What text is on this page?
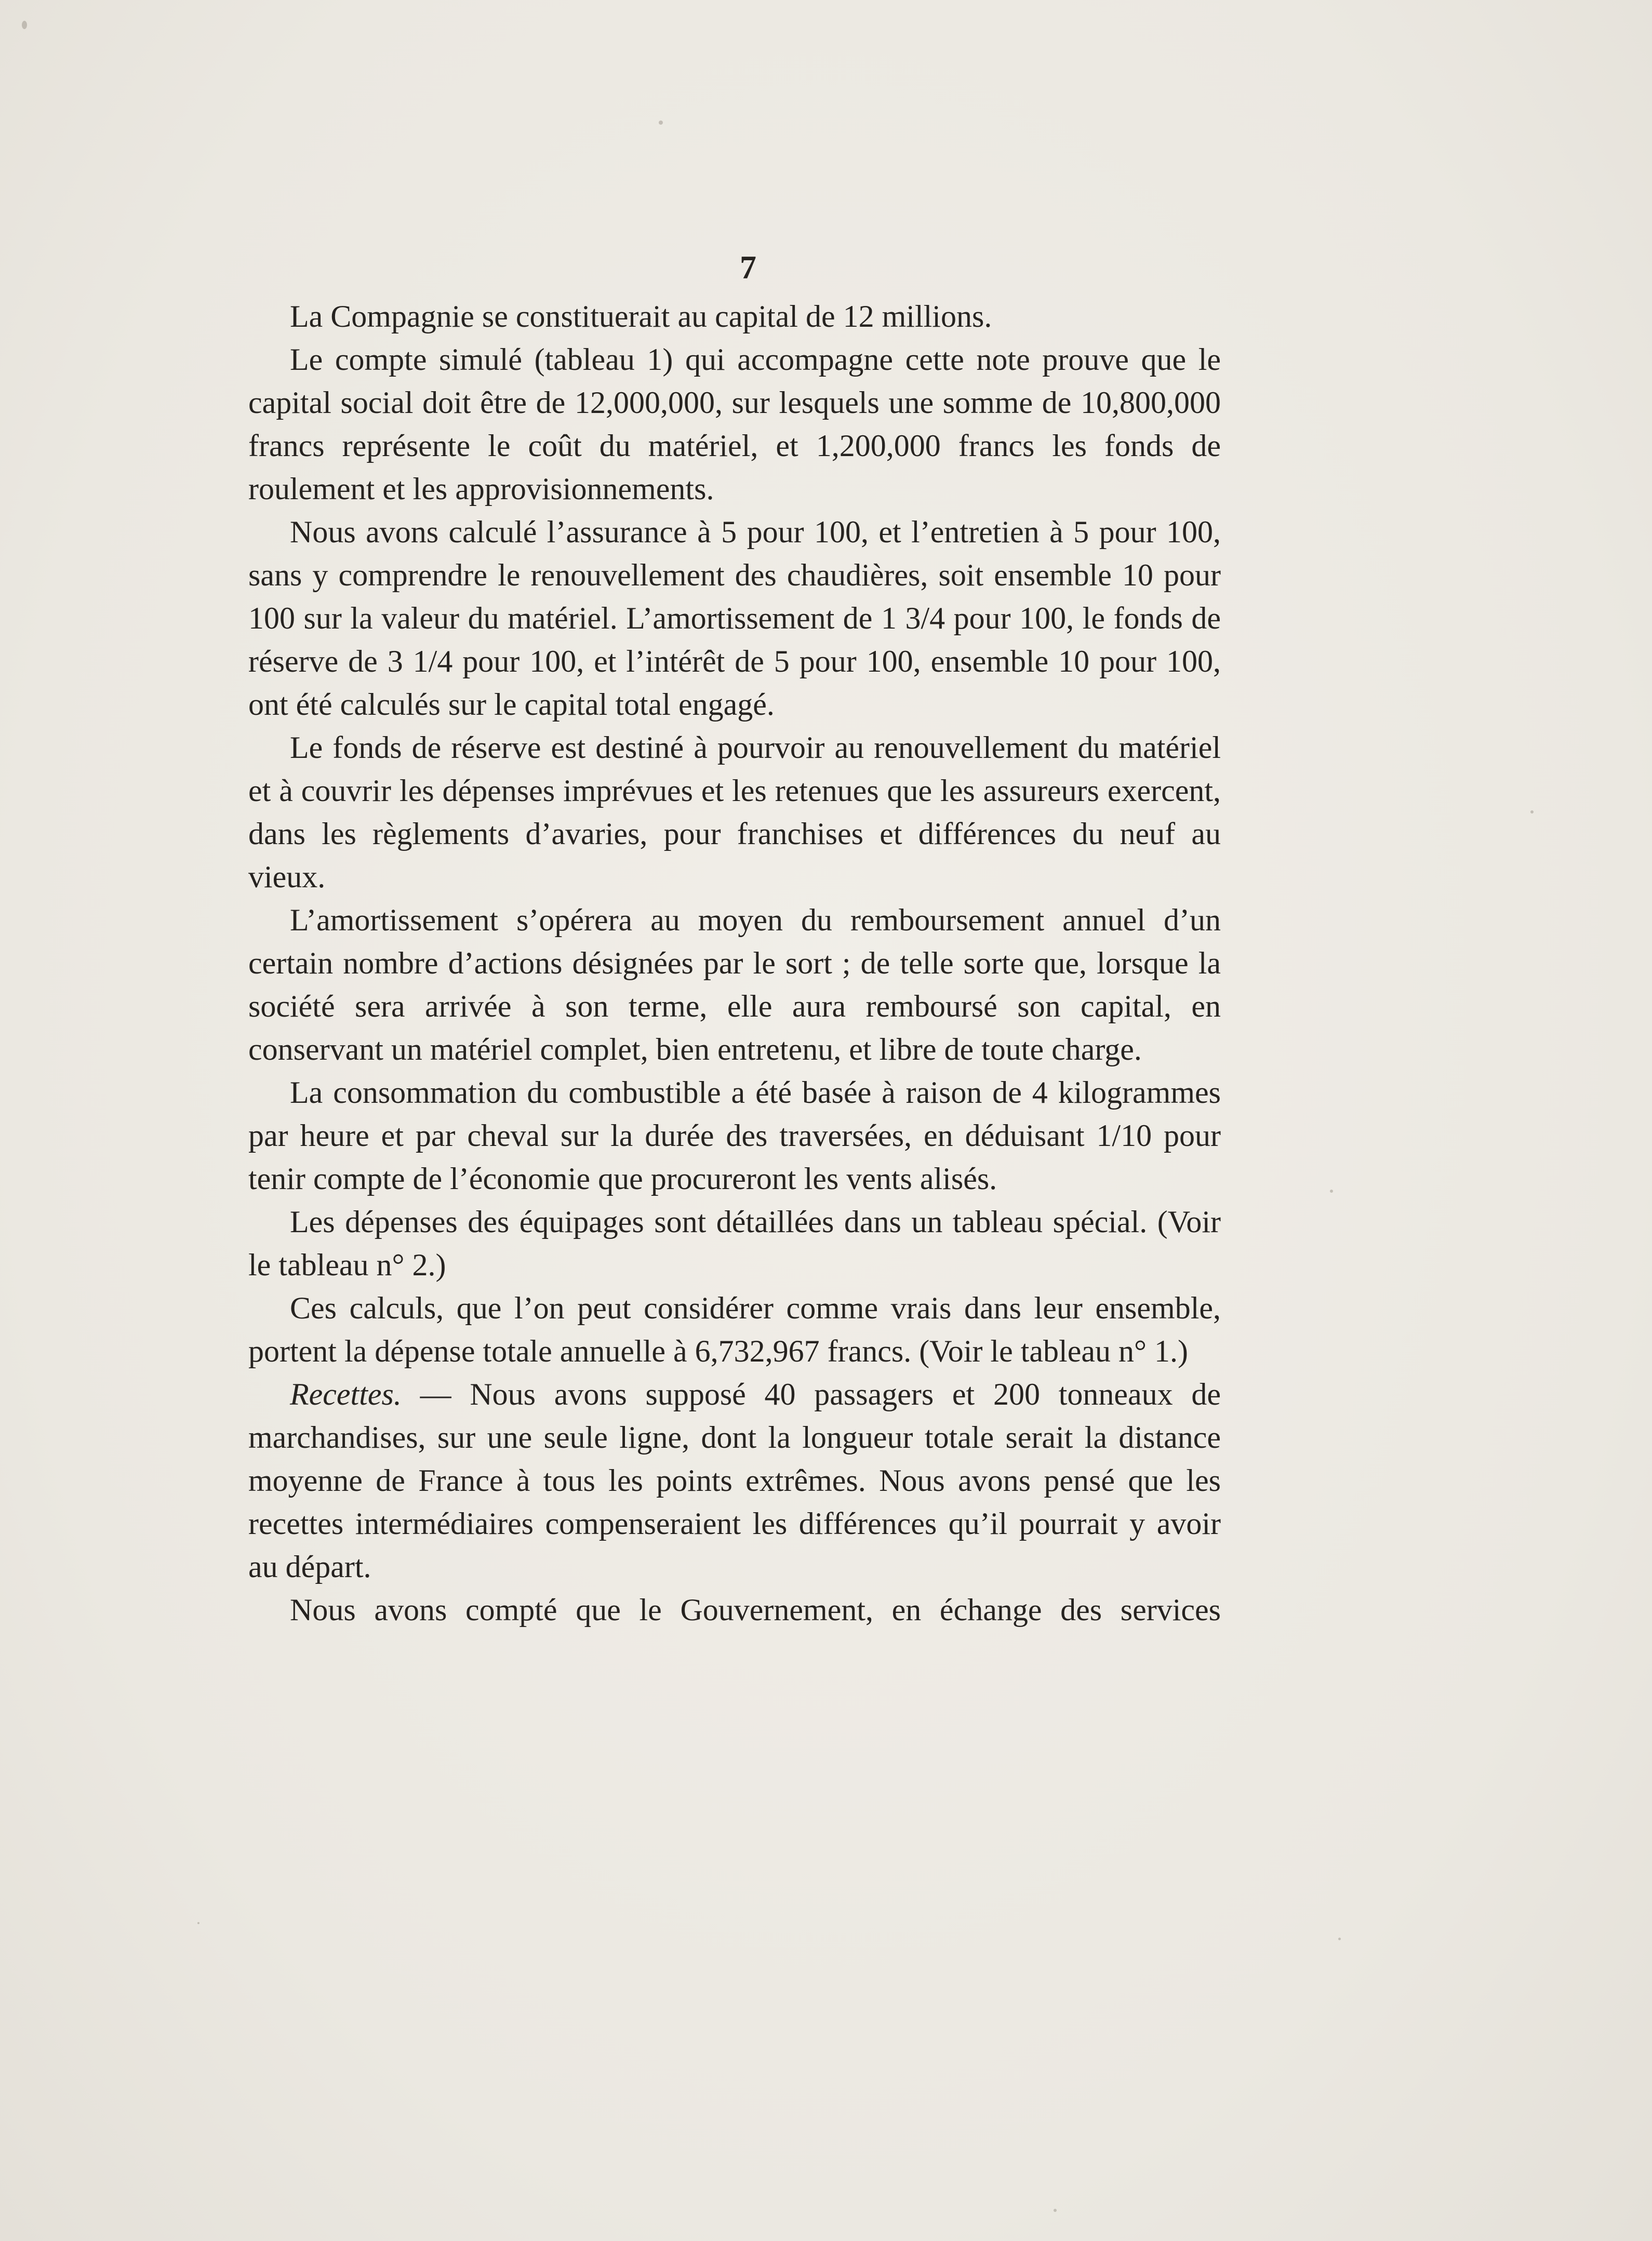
7

La Compagnie se constituerait au capital de 12 millions.

Le compte simulé (tableau 1) qui accompagne cette note prouve que le capital social doit être de 12,000,000, sur lesquels une somme de 10,800,000 francs représente le coût du matériel, et 1,200,000 francs les fonds de roulement et les approvisionnements.

Nous avons calculé l’assurance à 5 pour 100, et l’entretien à 5 pour 100, sans y comprendre le renouvellement des chaudières, soit ensemble 10 pour 100 sur la valeur du matériel. L’amortissement de 1 3/4 pour 100, le fonds de réserve de 3 1/4 pour 100, et l’intérêt de 5 pour 100, ensemble 10 pour 100, ont été calculés sur le capital total engagé.

Le fonds de réserve est destiné à pourvoir au renouvellement du matériel et à couvrir les dépenses imprévues et les retenues que les assureurs exercent, dans les règlements d’avaries, pour franchises et différences du neuf au vieux.

L’amortissement s’opérera au moyen du remboursement annuel d’un certain nombre d’actions désignées par le sort ; de telle sorte que, lorsque la société sera arrivée à son terme, elle aura remboursé son capital, en conservant un matériel complet, bien entretenu, et libre de toute charge.

La consommation du combustible a été basée à raison de 4 kilogrammes par heure et par cheval sur la durée des traversées, en déduisant 1/10 pour tenir compte de l’économie que procureront les vents alisés.

Les dépenses des équipages sont détaillées dans un tableau spécial. (Voir le tableau n° 2.)

Ces calculs, que l’on peut considérer comme vrais dans leur ensemble, portent la dépense totale annuelle à 6,732,967 francs. (Voir le tableau n° 1.)

Recettes. — Nous avons supposé 40 passagers et 200 tonneaux de marchandises, sur une seule ligne, dont la longueur totale serait la distance moyenne de France à tous les points extrêmes. Nous avons pensé que les recettes intermédiaires compenseraient les différences qu’il pourrait y avoir au départ.

Nous avons compté que le Gouvernement, en échange des services
